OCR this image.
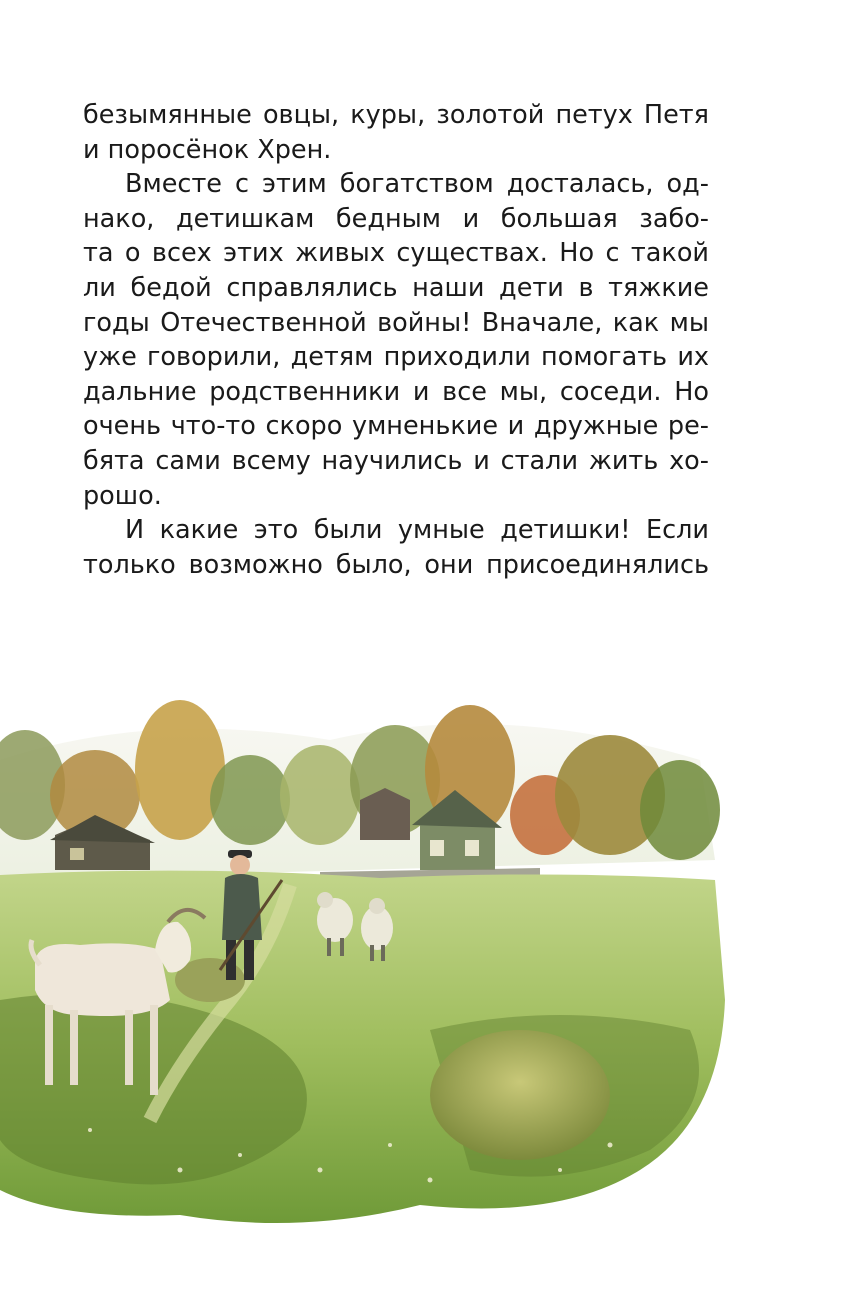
безымянные овцы, куры, золотой петух Петя
и поросёнок Хрен.
Вместе с этим богатством досталась, од-
нако, детишкам бедным и большая забо-
та о всех этих живых существах. Но с такой
ли бедой справлялись наши дети в тяжкие
годы Отечественной войны! Вначале, как мы
уже говорили, детям приходили помогать их
дальние родственники и все мы, соседи. Но
очень что-то скоро умненькие и дружные ре-
бята сами всему научились и стали жить хо-
рошо.
И какие это были умные детишки! Если
только возможно было, они присоединялись
